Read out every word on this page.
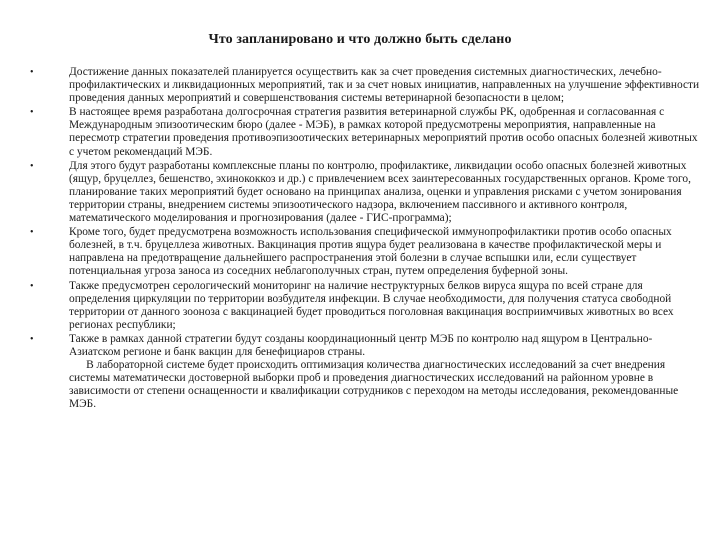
Что запланировано и что должно быть сделано
•	Достижение данных показателей планируется осуществить как за счет проведения системных диагностических, лечебно-профилактических и ликвидационных мероприятий, так и за счет новых инициатив, направленных на улучшение эффективности проведения данных мероприятий и совершенствования системы ветеринарной безопасности в целом;
•	В настоящее время разработана долгосрочная стратегия развития ветеринарной службы РК, одобренная и согласованная с Международным эпизоотическим бюро (далее - МЭБ), в рамках которой предусмотрены мероприятия, направленные на пересмотр стратегии проведения противоэпизоотических ветеринарных мероприятий против особо опасных болезней животных с учетом рекомендаций МЭБ.
•	Для этого будут разработаны комплексные планы по контролю, профилактике, ликвидации особо опасных болезней животных (ящур, бруцеллез, бешенство, эхинококкоз и др.) с привлечением всех заинтересованных государственных органов. Кроме того, планирование таких мероприятий будет основано на принципах анализа, оценки и управления рисками с учетом зонирования территории страны, внедрением системы эпизоотического надзора, включением пассивного и активного контроля, математического моделирования и прогнозирования (далее - ГИС-программа);
•	Кроме того, будет предусмотрена возможность использования специфической иммунопрофилактики против особо опасных болезней, в т.ч. бруцеллеза животных. Вакцинация против ящура будет реализована в качестве профилактической меры и направлена на предотвращение дальнейшего распространения этой болезни в случае вспышки или, если существует потенциальная угроза заноса из соседних неблагополучных стран, путем определения буферной зоны.
•	Также предусмотрен серологический мониторинг на наличие неструктурных белков вируса ящура по всей стране для определения циркуляции по территории возбудителя инфекции. В случае необходимости, для получения статуса свободной территории от данного зооноза с вакцинацией будет проводиться поголовная вакцинация восприимчивых животных во всех регионах республики;
•	Также в рамках данной стратегии будут созданы координационный центр МЭБ по контролю над ящуром в Центрально-Азиатском регионе и банк вакцин для бенефициаров страны.
В лабораторной системе будет происходить оптимизация количества диагностических исследований за счет внедрения системы математически достоверной выборки проб и проведения диагностических исследований на районном уровне в зависимости от степени оснащенности и квалификации сотрудников с переходом на методы исследования, рекомендованные МЭБ.
